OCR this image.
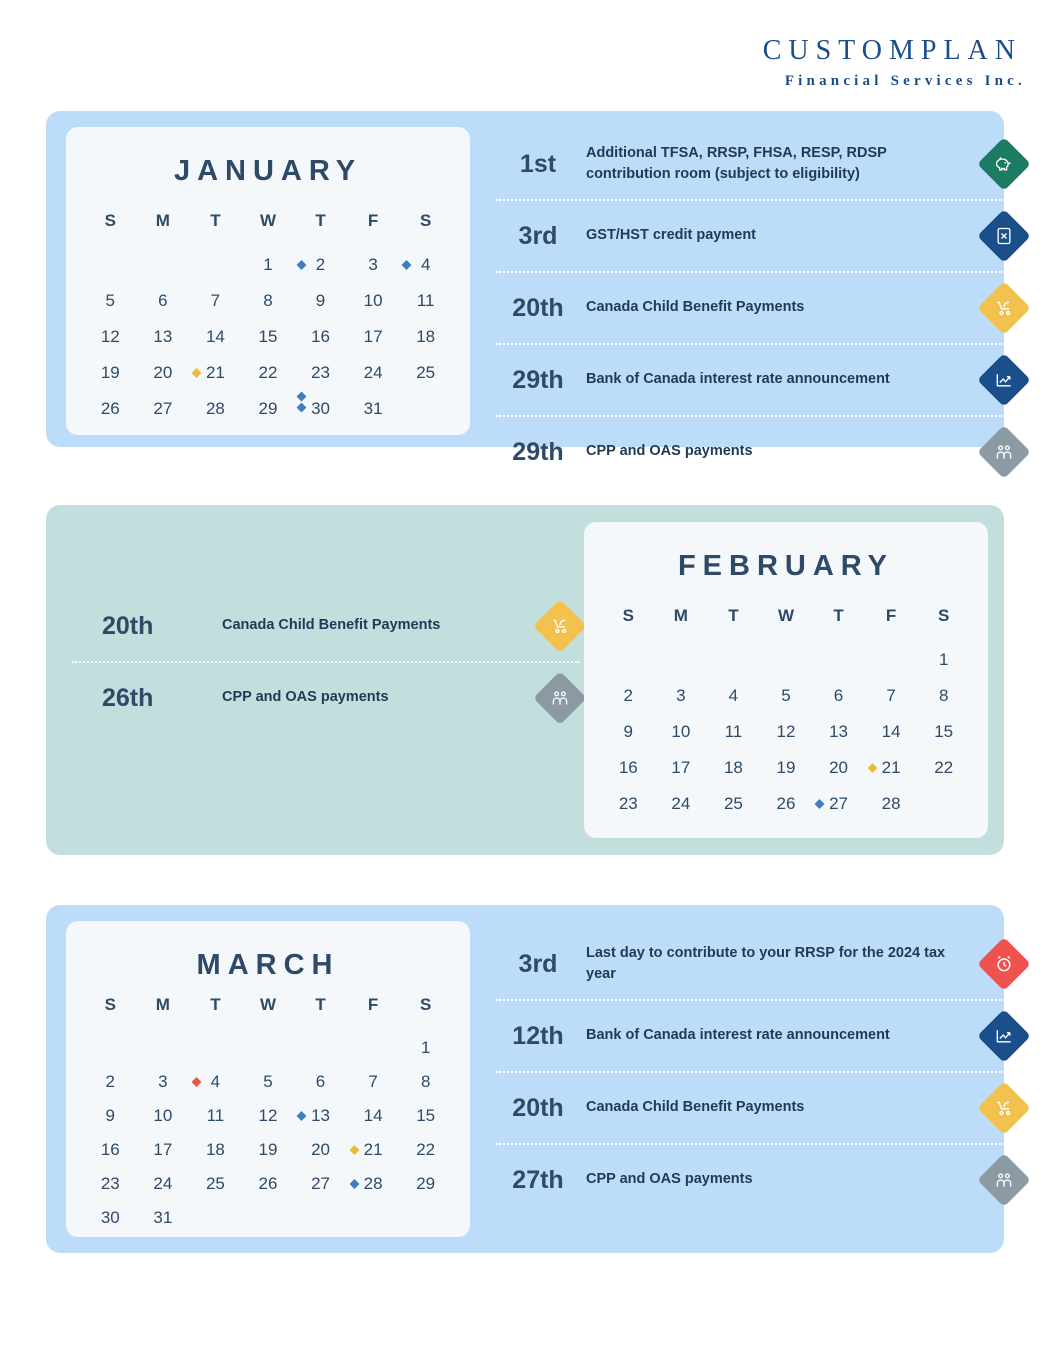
CUSTOMPLAN
Financial Services Inc.
JANUARY
S	M	T	W	T	F	S
			1	2	3	4
5	6	7	8	9	10	11
12	13	14	15	16	17	18
19	20	21	22	23	24	25
26	27	28	29	30	31	
1st	Additional TFSA, RRSP, FHSA, RESP, RDSP contribution room (subject to eligibility)
3rd	GST/HST credit payment
20th	Canada Child Benefit Payments
29th	Bank of Canada interest rate announcement
29th	CPP and OAS payments
20th	Canada Child Benefit Payments
26th	CPP and OAS payments
FEBRUARY
S	M	T	W	T	F	S
						1
2	3	4	5	6	7	8
9	10	11	12	13	14	15
16	17	18	19	20	21	22
23	24	25	26	27	28	
MARCH
S	M	T	W	T	F	S
						1
2	3	4	5	6	7	8
9	10	11	12	13	14	15
16	17	18	19	20	21	22
23	24	25	26	27	28	29
30	31					
3rd	Last day to contribute to your RRSP for the 2024 tax year
12th	Bank of Canada interest rate announcement
20th	Canada Child Benefit Payments
27th	CPP and OAS payments
